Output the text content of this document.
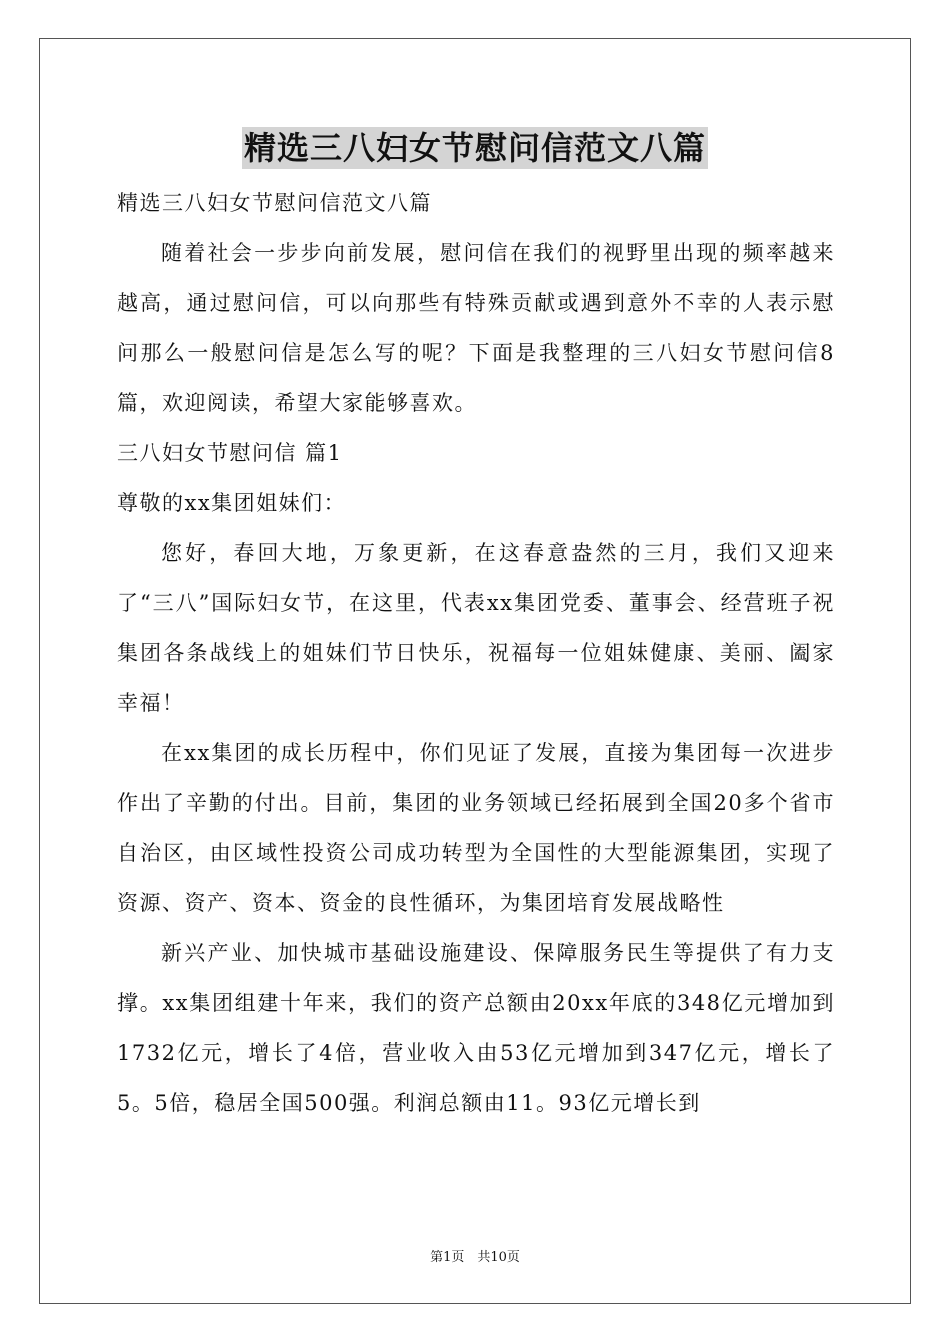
精选三八妇女节慰问信范文八篇
精选三八妇女节慰问信范文八篇

随着社会一步步向前发展，慰问信在我们的视野里出现的频率越来越高，通过慰问信，可以向那些有特殊贡献或遇到意外不幸的人表示慰问那么一般慰问信是怎么写的呢？下面是我整理的三八妇女节慰问信8篇，欢迎阅读，希望大家能够喜欢。

三八妇女节慰问信 篇1
尊敬的xx集团姐妹们：

您好，春回大地，万象更新，在这春意盎然的三月，我们又迎来了“三八”国际妇女节，在这里，代表xx集团党委、董事会、经营班子祝集团各条战线上的姐妹们节日快乐，祝福每一位姐妹健康、美丽、阖家幸福！

在xx集团的成长历程中，你们见证了发展，直接为集团每一次进步作出了辛勤的付出。目前，集团的业务领域已经拓展到全国20多个省市自治区，由区域性投资公司成功转型为全国性的大型能源集团，实现了资源、资产、资本、资金的良性循环，为集团培育发展战略性

新兴产业、加快城市基础设施建设、保障服务民生等提供了有力支撑。xx集团组建十年来，我们的资产总额由20xx年底的348亿元增加到1732亿元，增长了4倍，营业收入由53亿元增加到347亿元，增长了5。5倍，稳居全国500强。利润总额由11。93亿元增长到

第1页　共10页
